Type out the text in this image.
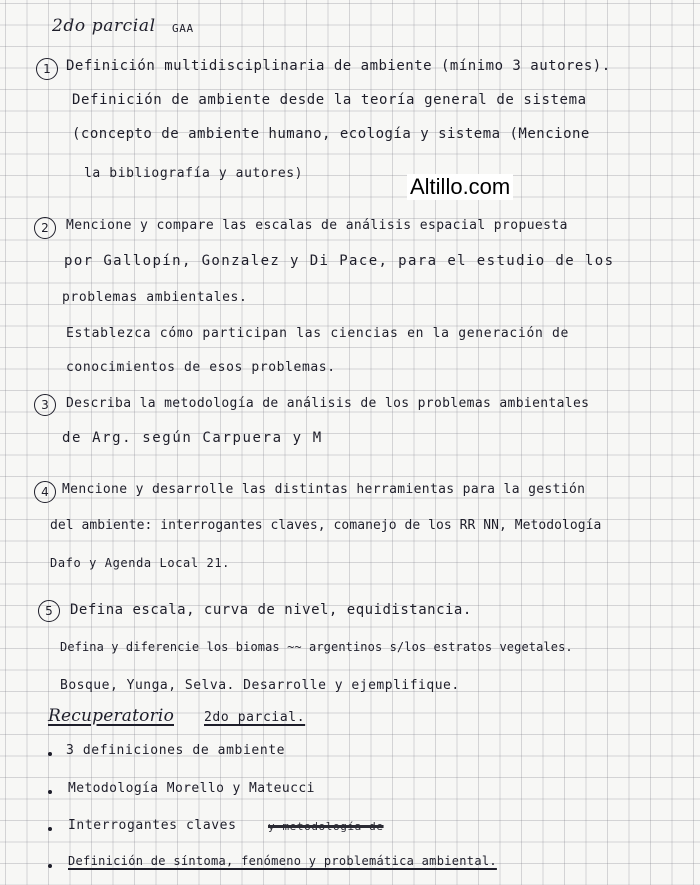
2do parcial GAA
1	Definición multidisciplinaria de ambiente (mínimo 3 autores).
Definición de ambiente desde la teoría general de sistema
(concepto de ambiente humano, ecología y sistema (Mencione
la bibliografía y autores)
Altillo.com
2	Mencione y compare las escalas de análisis espacial propuesta
por Gallopín, Gonzalez y Di Pace, para el estudio de los
problemas ambientales.
Establezca cómo participan las ciencias en la generación de
conocimientos de esos problemas.
3	Describa la metodología de análisis de los problemas ambientales
de Arg. según Carpuera y M
4	Mencione y desarrolle las distintas herramientas para la gestión
del ambiente: interrogantes claves, comanejo de los RR NN, Metodología
Dafo y Agenda Local 21.
5	Defina escala, curva de nivel, equidistancia.
Defina y diferencie los biomas ~~ argentinos s/los estratos vegetales.
Bosque, Yunga, Selva. Desarrolle y ejemplifique.
Recuperatorio 2do parcial.
3 definiciones de ambiente
Metodología Morello y Mateucci
Interrogantes claves	y metodología de
Definición de síntoma, fenómeno y problemática ambiental.
